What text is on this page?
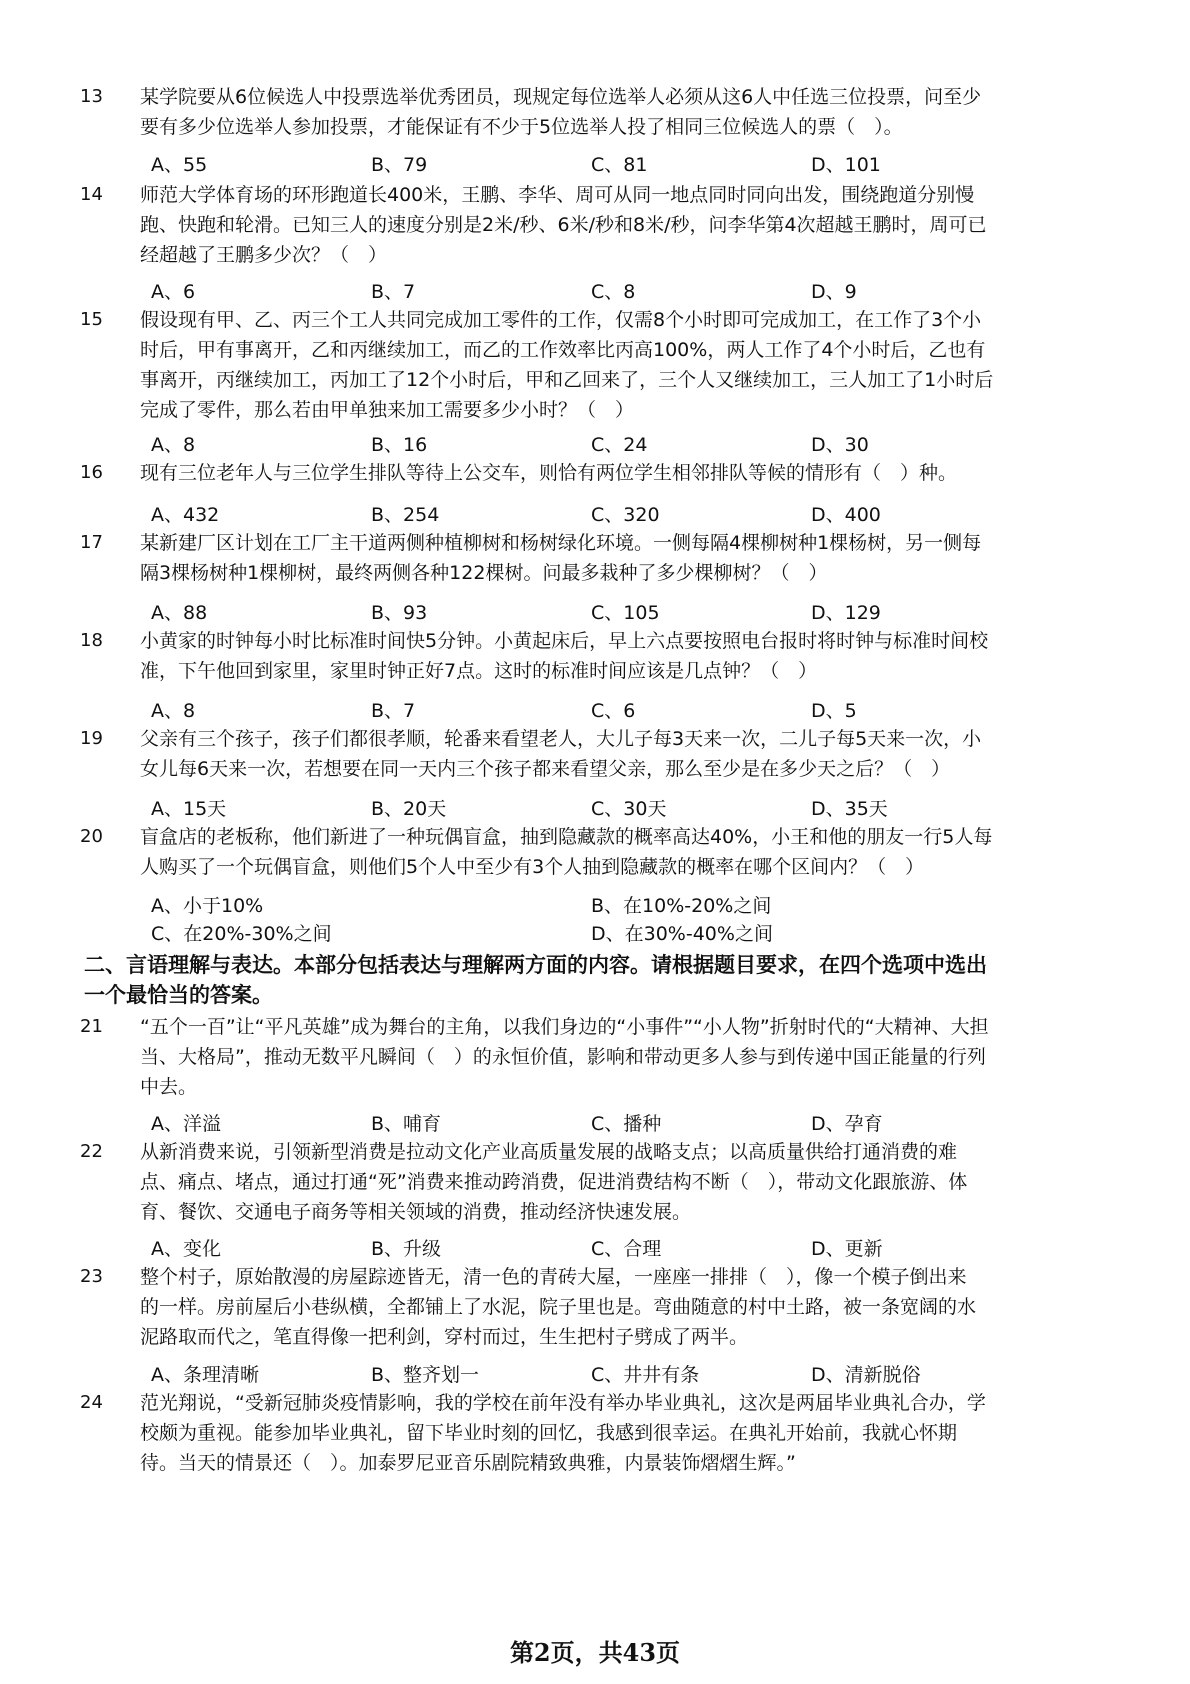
13 某学院要从6位候选人中投票选举优秀团员，现规定每位选举人必须从这6人中任选三位投票，问至少
要有多少位选举人参加投票，才能保证有不少于5位选举人投了相同三位候选人的票（　）。
A、55	B、79	C、81	D、101
14 师范大学体育场的环形跑道长400米，王鹏、李华、周可从同一地点同时同向出发，围绕跑道分别慢
跑、快跑和轮滑。已知三人的速度分别是2米/秒、6米/秒和8米/秒，问李华第4次超越王鹏时，周可已
经超越了王鹏多少次？（　）
A、6	B、7	C、8	D、9
15 假设现有甲、乙、丙三个工人共同完成加工零件的工作，仅需8个小时即可完成加工，在工作了3个小
时后，甲有事离开，乙和丙继续加工，而乙的工作效率比丙高100%，两人工作了4个小时后，乙也有
事离开，丙继续加工，丙加工了12个小时后，甲和乙回来了，三个人又继续加工，三人加工了1小时后
完成了零件，那么若由甲单独来加工需要多少小时？（　）
A、8	B、16	C、24	D、30
16 现有三位老年人与三位学生排队等待上公交车，则恰有两位学生相邻排队等候的情形有（　）种。
A、432	B、254	C、320	D、400
17 某新建厂区计划在工厂主干道两侧种植柳树和杨树绿化环境。一侧每隔4棵柳树种1棵杨树，另一侧每
隔3棵杨树种1棵柳树，最终两侧各种122棵树。问最多栽种了多少棵柳树？（　）
A、88	B、93	C、105	D、129
18 小黄家的时钟每小时比标准时间快5分钟。小黄起床后，早上六点要按照电台报时将时钟与标准时间校
准，下午他回到家里，家里时钟正好7点。这时的标准时间应该是几点钟？（　）
A、8	B、7	C、6	D、5
19 父亲有三个孩子，孩子们都很孝顺，轮番来看望老人，大儿子每3天来一次，二儿子每5天来一次，小
女儿每6天来一次，若想要在同一天内三个孩子都来看望父亲，那么至少是在多少天之后？（　）
A、15天	B、20天	C、30天	D、35天
20 盲盒店的老板称，他们新进了一种玩偶盲盒，抽到隐藏款的概率高达40%，小王和他的朋友一行5人每
人购买了一个玩偶盲盒，则他们5个人中至少有3个人抽到隐藏款的概率在哪个区间内？（　）
A、小于10%	B、在10%-20%之间
C、在20%-30%之间	D、在30%-40%之间
二、言语理解与表达。本部分包括表达与理解两方面的内容。请根据题目要求，在四个选项中选出
一个最恰当的答案。
21 “五个一百”让“平凡英雄”成为舞台的主角，以我们身边的“小事件”“小人物”折射时代的“大精神、大担
当、大格局”，推动无数平凡瞬间（　）的永恒价值，影响和带动更多人参与到传递中国正能量的行列
中去。
A、洋溢	B、哺育	C、播种	D、孕育
22 从新消费来说，引领新型消费是拉动文化产业高质量发展的战略支点；以高质量供给打通消费的难
点、痛点、堵点，通过打通“死”消费来推动跨消费，促进消费结构不断（　），带动文化跟旅游、体
育、餐饮、交通电子商务等相关领域的消费，推动经济快速发展。
A、变化	B、升级	C、合理	D、更新
23 整个村子，原始散漫的房屋踪迹皆无，清一色的青砖大屋，一座座一排排（　），像一个模子倒出来
的一样。房前屋后小巷纵横，全都铺上了水泥，院子里也是。弯曲随意的村中土路，被一条宽阔的水
泥路取而代之，笔直得像一把利剑，穿村而过，生生把村子劈成了两半。
A、条理清晰	B、整齐划一	C、井井有条	D、清新脱俗
24 范光翔说，“受新冠肺炎疫情影响，我的学校在前年没有举办毕业典礼，这次是两届毕业典礼合办，学
校颇为重视。能参加毕业典礼，留下毕业时刻的回忆，我感到很幸运。在典礼开始前，我就心怀期
待。当天的情景还（　）。加泰罗尼亚音乐剧院精致典雅，内景装饰熠熠生辉。”
第2页，共43页
